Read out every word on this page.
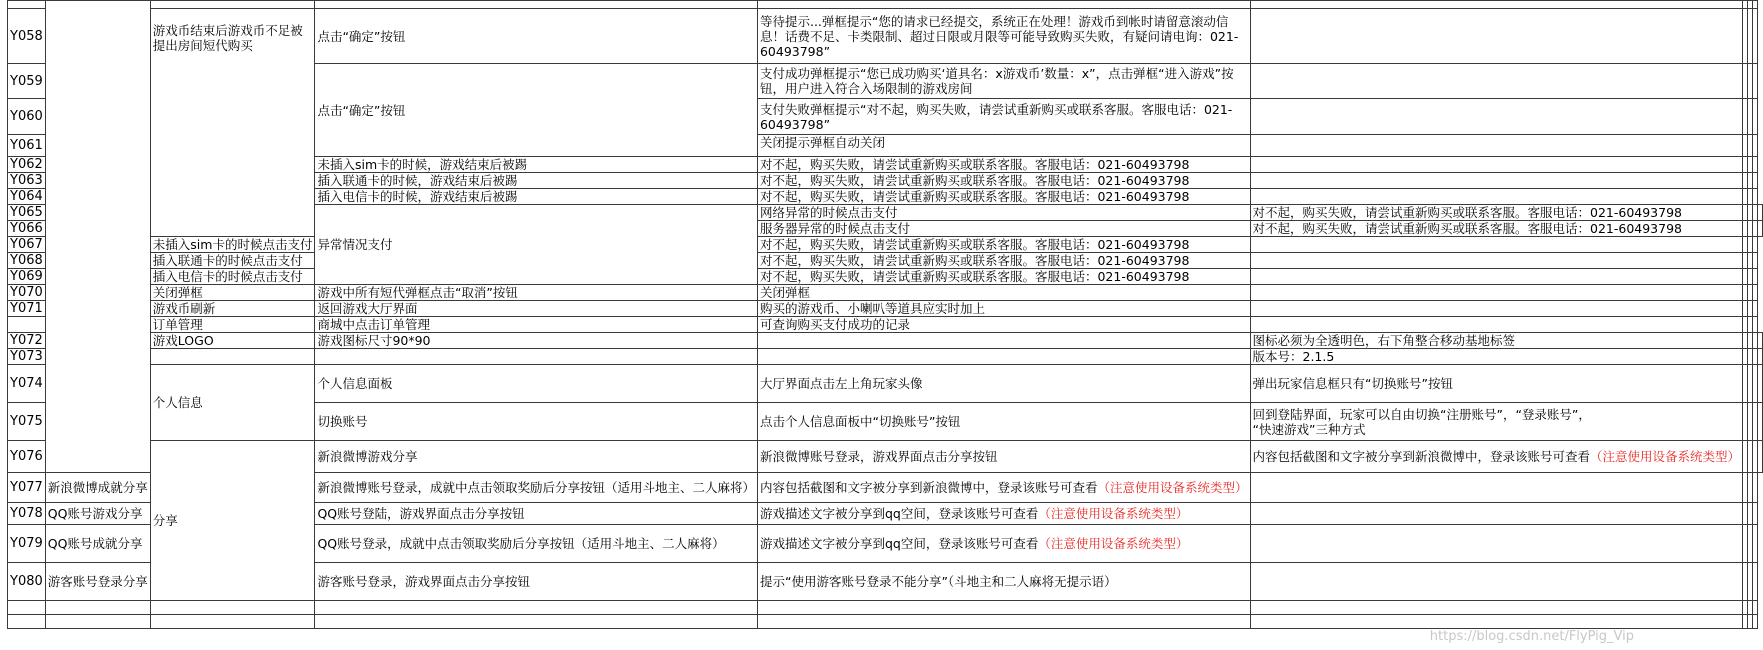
Y058		游戏币结束后游戏币不足被提出房间短代购买	点击“确定”按钮	等待提示...弹框提示“您的请求已经提交，系统正在处理！游戏币到帐时请留意滚动信息！话费不足、卡类限制、超过日限或月限等可能导致购买失败，有疑问请电询：021-60493798”					
Y059			点击“确定”按钮	支付成功弹框提示“您已成功购买‘道具名：x游戏币’数量：x”，点击弹框“进入游戏”按钮，用户进入符合入场限制的游戏房间					
Y060				支付失败弹框提示“对不起，购买失败，请尝试重新购买或联系客服。客服电话：021-60493798”					
Y061				关闭提示弹框自动关闭					
Y062			未插入sim卡的时候，游戏结束后被踢	对不起，购买失败，请尝试重新购买或联系客服。客服电话：021-60493798					
Y063			插入联通卡的时候，游戏结束后被踢	对不起，购买失败，请尝试重新购买或联系客服。客服电话：021-60493798					
Y064			插入电信卡的时候，游戏结束后被踢	对不起，购买失败，请尝试重新购买或联系客服。客服电话：021-60493798					
Y065			异常情况支付	网络异常的时候点击支付	对不起，购买失败，请尝试重新购买或联系客服。客服电话：021-60493798				
Y066				服务器异常的时候点击支付	对不起，购买失败，请尝试重新购买或联系客服。客服电话：021-60493798				
Y067		未插入sim卡的时候点击支付		对不起，购买失败，请尝试重新购买或联系客服。客服电话：021-60493798					
Y068		插入联通卡的时候点击支付		对不起，购买失败，请尝试重新购买或联系客服。客服电话：021-60493798					
Y069		插入电信卡的时候点击支付		对不起，购买失败，请尝试重新购买或联系客服。客服电话：021-60493798					
Y070		关闭弹框	游戏中所有短代弹框点击“取消”按钮	关闭弹框					
Y071		游戏币刷新	返回游戏大厅界面	购买的游戏币、小喇叭等道具应实时加上					
		订单管理	商城中点击订单管理	可查询购买支付成功的记录					
Y072		游戏LOGO	游戏图标尺寸90*90		图标必须为全透明色，右下角整合移动基地标签				
Y073					版本号：2.1.5				
Y074		个人信息	个人信息面板	大厅界面点击左上角玩家头像	弹出玩家信息框只有“切换账号”按钮				
Y075			切换账号	点击个人信息面板中“切换账号”按钮	回到登陆界面，玩家可以自由切换“注册账号”，“登录账号”，
“快速游戏”三种方式				

Y076		分享	新浪微博游戏分享	新浪微博账号登录，游戏界面点击分享按钮	内容包括截图和文字被分享到新浪微博中，登录该账号可查看（注意使用设备系统类型）				
Y077	新浪微博成就分享		新浪微博账号登录，成就中点击领取奖励后分享按钮（适用斗地主、二人麻将）	内容包括截图和文字被分享到新浪微博中，登录该账号可查看（注意使用设备系统类型）					
Y078	QQ账号游戏分享		QQ账号登陆，游戏界面点击分享按钮	游戏描述文字被分享到qq空间，登录该账号可查看（注意使用设备系统类型）					
Y079	QQ账号成就分享		QQ账号登录，成就中点击领取奖励后分享按钮（适用斗地主、二人麻将）	游戏描述文字被分享到qq空间，登录该账号可查看（注意使用设备系统类型）					
Y080	游客账号登录分享		游客账号登录，游戏界面点击分享按钮	提示“使用游客账号登录不能分享”（斗地主和二人麻将无提示语）					

https://blog.csdn.net/FlyPig_Vip
